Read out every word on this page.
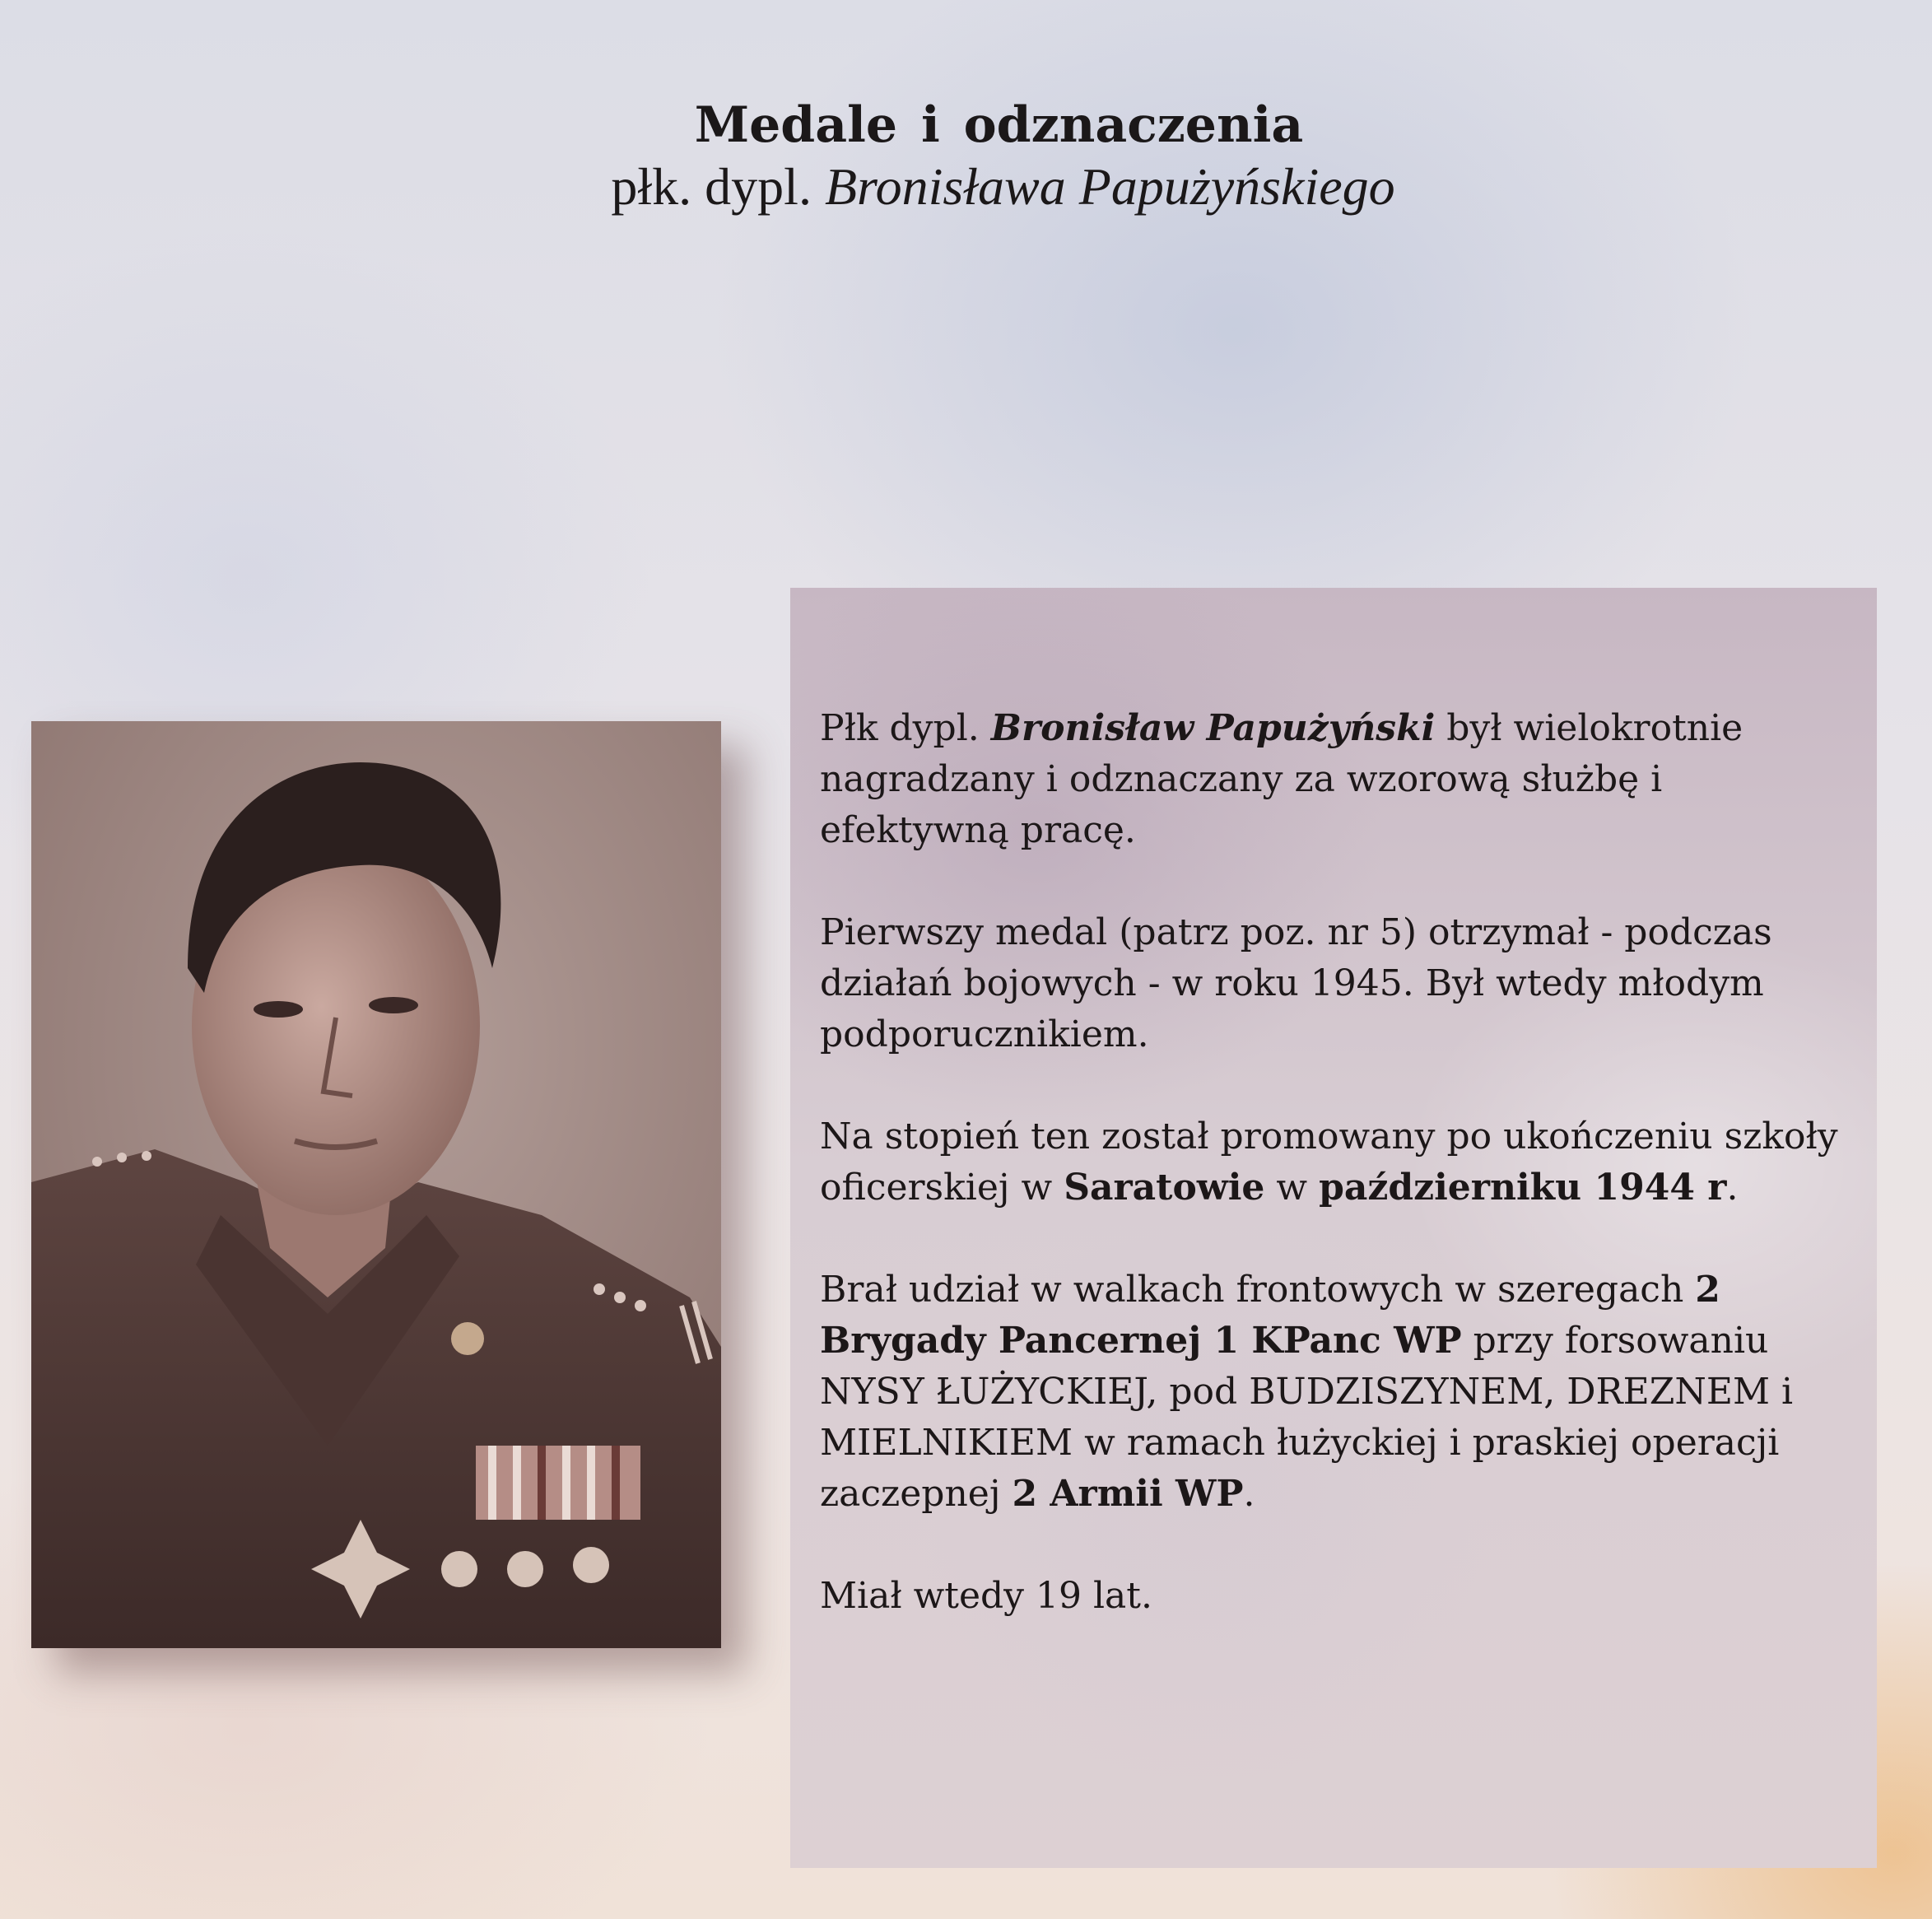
Medale i odznaczenia
płk. dypl. Bronisława Papużyńskiego

Płk dypl. Bronisław Papużyński był wielokrotnie nagradzany i odznaczany za wzorową służbę i efektywną pracę.

Pierwszy medal (patrz poz. nr 5) otrzymał - podczas działań bojowych - w roku 1945. Był wtedy młodym podporucznikiem.

Na stopień ten został promowany po ukończeniu szkoły oficerskiej w Saratowie w październiku 1944 r.

Brał udział w walkach frontowych w szeregach 2 Brygady Pancernej 1 KPanc WP przy forsowaniu NYSY ŁUŻYCKIEJ, pod BUDZISZYNEM, DREZNEM i MIELNIKIEM w ramach łużyckiej i praskiej operacji zaczepnej 2 Armii WP.

Miał wtedy 19 lat.
